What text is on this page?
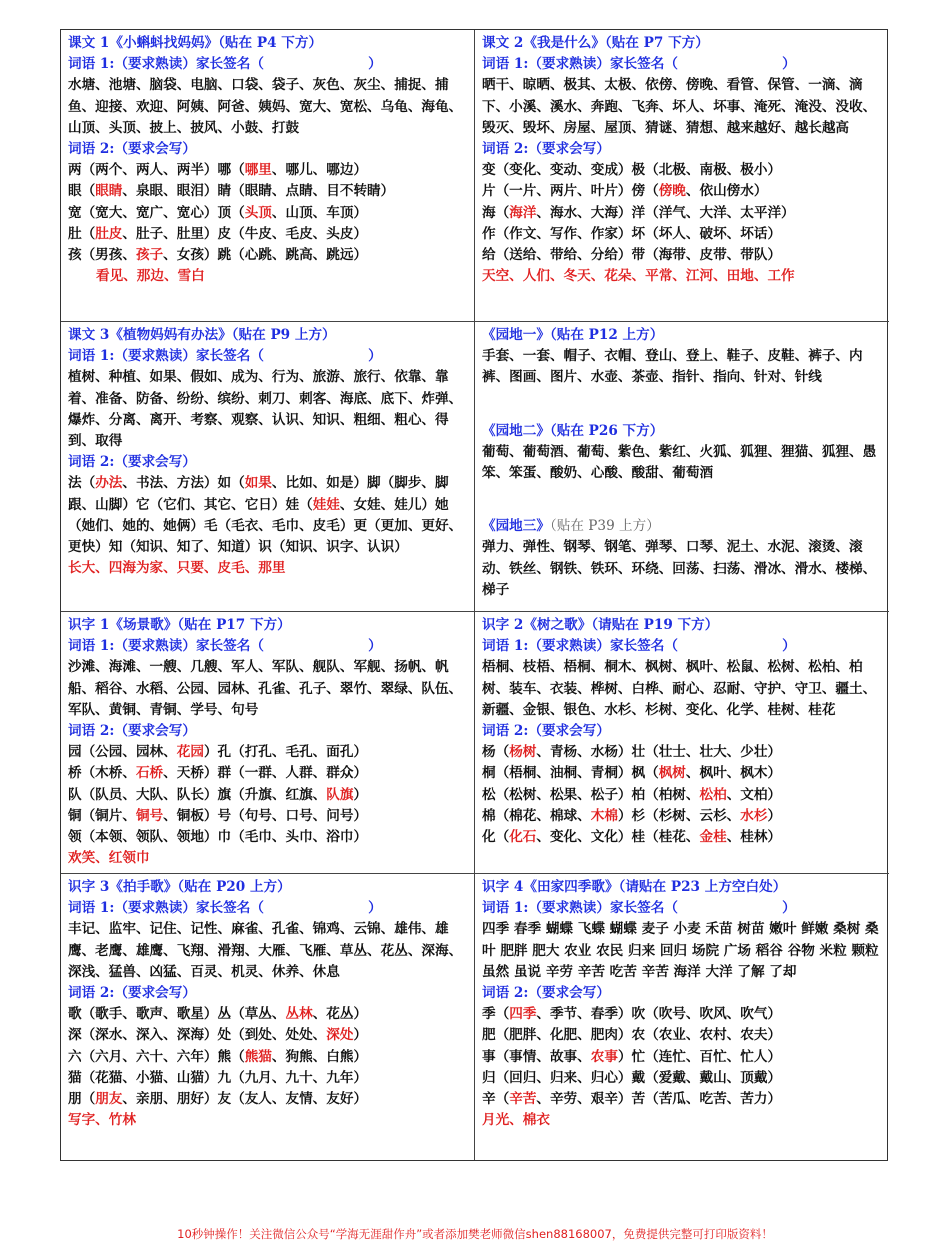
课文 1《小蝌蚪找妈妈》（贴在 P4 下方）
词语 1:（要求熟读）家长签名（	）
水塘、池塘、脑袋、电脑、口袋、袋子、灰色、灰尘、捕捉、捕鱼、迎接、欢迎、阿姨、阿爸、姨妈、宽大、宽松、乌龟、海龟、山顶、头顶、披上、披风、小鼓、打鼓
词语 2:（要求会写）
两（两个、两人、两半）哪（哪里、哪儿、哪边）
眼（眼睛、泉眼、眼泪）睛（眼睛、点睛、目不转睛）
宽（宽大、宽广、宽心）顶（头顶、山顶、车顶）
肚（肚皮、肚子、肚里）皮（牛皮、毛皮、头皮）
孩（男孩、孩子、女孩）跳（心跳、跳高、跳远）
看见、那边、雪白
课文 2《我是什么》（贴在 P7 下方）
词语 1:（要求熟读）家长签名（	）
晒干、晾晒、极其、太极、依傍、傍晚、看管、保管、一滴、滴下、小溪、溪水、奔跑、飞奔、坏人、坏事、淹死、淹没、没收、毁灭、毁坏、房屋、屋顶、猜谜、猜想、越来越好、越长越高
词语 2:（要求会写）
变（变化、变动、变成）极（北极、南极、极小）
片（一片、两片、叶片）傍（傍晚、依山傍水）
海（海洋、海水、大海）洋（洋气、大洋、太平洋）
作（作文、写作、作家）坏（坏人、破坏、坏话）
给（送给、带给、分给）带（海带、皮带、带队）
天空、人们、冬天、花朵、平常、江河、田地、工作
课文 3《植物妈妈有办法》（贴在 P9 上方）
词语 1:（要求熟读）家长签名（	）
植树、种植、如果、假如、成为、行为、旅游、旅行、依靠、靠着、准备、防备、纷纷、缤纷、刺刀、刺客、海底、底下、炸弹、爆炸、分离、离开、考察、观察、认识、知识、粗细、粗心、得到、取得
词语 2:（要求会写）
法（办法、书法、方法）如（如果、比如、如是）脚（脚步、脚跟、山脚）它（它们、其它、它日）娃（娃娃、女娃、娃儿）她（她们、她的、她俩）毛（毛衣、毛巾、皮毛）更（更加、更好、更快）知（知识、知了、知道）识（知识、识字、认识）
长大、四海为家、只要、皮毛、那里
《园地一》（贴在 P12 上方）
手套、一套、帽子、衣帽、登山、登上、鞋子、皮鞋、裤子、内裤、图画、图片、水壶、茶壶、指针、指向、针对、针线
《园地二》（贴在 P26 下方）
葡萄、葡萄酒、葡萄、紫色、紫红、火狐、狐狸、狸猫、狐狸、愚笨、笨蛋、酸奶、心酸、酸甜、葡萄酒
《园地三》（贴在 P39 上方）
弹力、弹性、钢琴、钢笔、弹琴、口琴、泥土、水泥、滚烫、滚动、铁丝、钢铁、铁环、环绕、回荡、扫荡、滑冰、滑水、楼梯、梯子
识字 1《场景歌》（贴在 P17 下方）
词语 1:（要求熟读）家长签名（	）
沙滩、海滩、一艘、几艘、军人、军队、舰队、军舰、扬帆、帆船、稻谷、水稻、公园、园林、孔雀、孔子、翠竹、翠绿、队伍、军队、黄铜、青铜、学号、句号
词语 2:（要求会写）
园（公园、园林、花园）孔（打孔、毛孔、面孔）
桥（木桥、石桥、天桥）群（一群、人群、群众）
队（队员、大队、队长）旗（升旗、红旗、队旗）
铜（铜片、铜号、铜板）号（句号、口号、问号）
领（本领、领队、领地）巾（毛巾、头巾、浴巾）
欢笑、红领巾
识字 2《树之歌》（请贴在 P19 下方）
词语 1:（要求熟读）家长签名（	）
梧桐、枝梧、梧桐、桐木、枫树、枫叶、松鼠、松树、松柏、柏树、装车、衣装、桦树、白桦、耐心、忍耐、守护、守卫、疆土、新疆、金银、银色、水杉、杉树、变化、化学、桂树、桂花
词语 2:（要求会写）
杨（杨树、青杨、水杨）壮（壮士、壮大、少壮）
桐（梧桐、油桐、青桐）枫（枫树、枫叶、枫木）
松（松树、松果、松子）柏（柏树、松柏、文柏）
棉（棉花、棉球、木棉）杉（杉树、云杉、水杉）
化（化石、变化、文化）桂（桂花、金桂、桂林）
识字 3《拍手歌》（贴在 P20 上方）
词语 1:（要求熟读）家长签名（	）
丰记、监牢、记住、记性、麻雀、孔雀、锦鸡、云锦、雄伟、雄鹰、老鹰、雄鹰、飞翔、滑翔、大雁、飞雁、草丛、花丛、深海、深浅、猛兽、凶猛、百灵、机灵、休养、休息
词语 2:（要求会写）
歌（歌手、歌声、歌星）丛（草丛、丛林、花丛）
深（深水、深入、深海）处（到处、处处、深处）
六（六月、六十、六年）熊（熊猫、狗熊、白熊）
猫（花猫、小猫、山猫）九（九月、九十、九年）
朋（朋友、亲朋、朋好）友（友人、友情、友好）
写字、竹林
识字 4《田家四季歌》（请贴在 P23 上方空白处）
词语 1:（要求熟读）家长签名（	）
四季 春季 蝴蝶 飞蝶 蝴蝶 麦子 小麦 禾苗 树苗 嫩叶 鲜嫩 桑树 桑叶 肥胖 肥大 农业 农民 归来 回归 场院 广场 稻谷 谷物 米粒 颗粒 虽然 虽说 辛劳 辛苦 吃苦 辛苦 海洋 大洋 了解 了却
词语 2:（要求会写）
季（四季、季节、春季）吹（吹号、吹风、吹气）
肥（肥胖、化肥、肥肉）农（农业、农村、农夫）
事（事情、故事、农事）忙（连忙、百忙、忙人）
归（回归、归来、归心）戴（爱戴、戴山、顶戴）
辛（辛苦、辛劳、艰辛）苦（苦瓜、吃苦、苦力）
月光、棉衣
10秒钟操作！关注微信公众号“学海无涯甜作舟”或者添加樊老师微信shen88168007，免费提供完整可打印版资料！
